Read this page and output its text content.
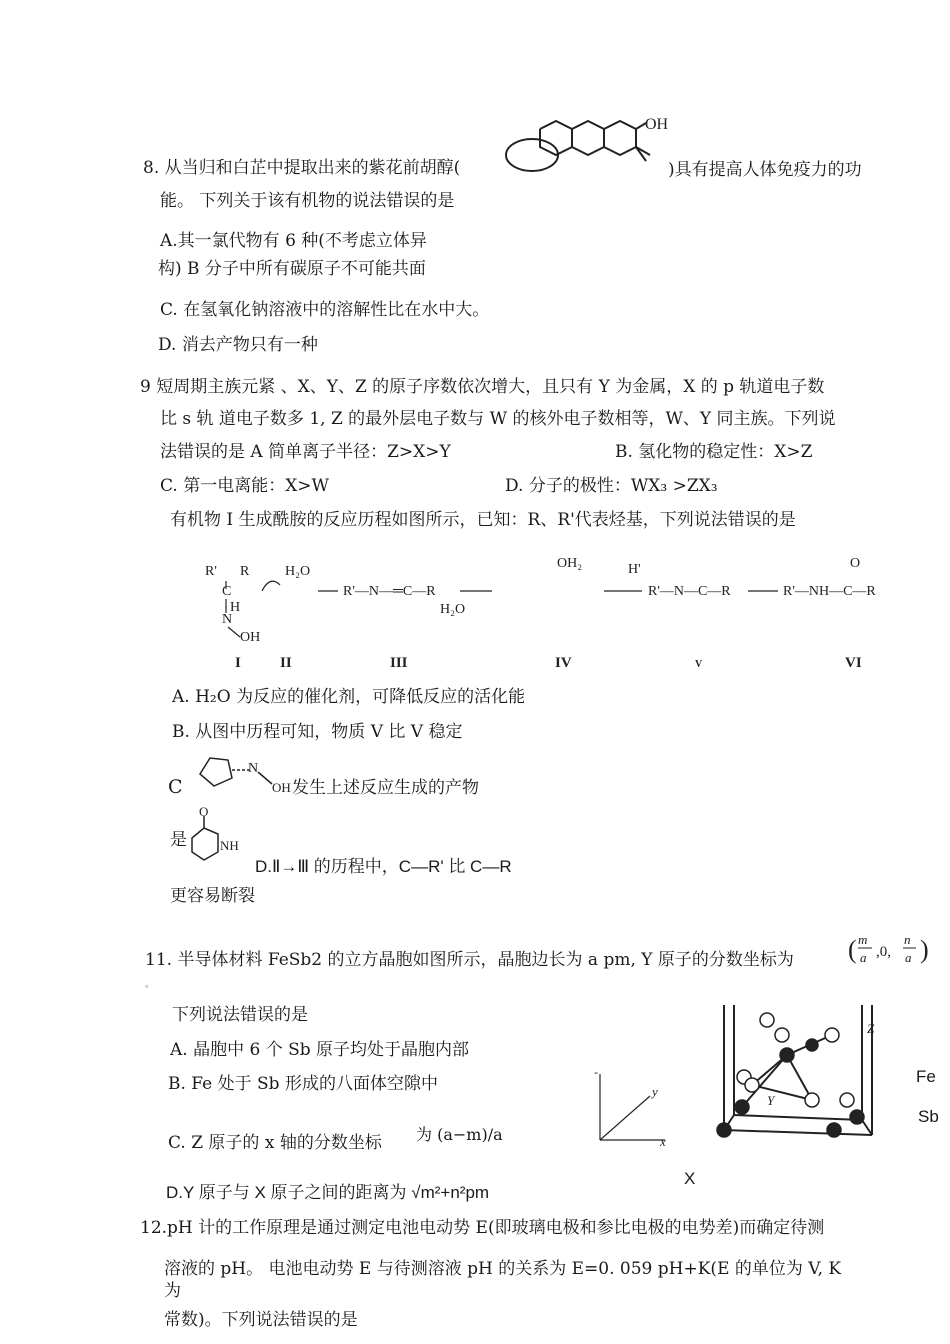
8. 从当归和白芷中提取出来的紫花前胡醇(
OH
)具有提高人体免疫力的功
能。 下列关于该有机物的说法错误的是
A.其一氯代物有 6 种(不考虑立体异
构) B 分子中所有碳原子不可能共面
C. 在氢氧化钠溶液中的溶解性比在水中大。
D. 消去产物只有一种
9 短周期主族元紧 、X、Y、Z 的原子序数依次增大，且只有 Y 为金属，X 的 p 轨道电子数
比 s 轨 道电子数多 1, Z 的最外层电子数与 W 的核外电子数相等，W、Y 同主族。下列说
法错误的是 A 简单离子半径：Z>X>Y	B. 氢化物的稳定性：X>Z
C. 第一电离能：X>W	D. 分子的极性：WX₃ >ZX₃
有机物 I 生成酰胺的反应历程如图所示，已知：R、R'代表烃基，下列说法错误的是
R' R
C
H
N
OH
H₂O
R'—N—═C—R
H₂O
OH₂	H'
R'—N—C—R	R'—NH—C—R
O
I	II	III	IV	V	VI
A. H₂O 为反应的催化剂，可降低反应的活化能
B. 从图中历程可知，物质 V 比 V 稳定
C
N
OH 发生上述反应生成的产物
是
O
NH
D.Ⅱ→Ⅲ 的历程中，C—R' 比 C—R
更容易断裂
11. 半导体材料 FeSb2 的立方晶胞如图所示，晶胞边长为 a pm, Y 原子的分数坐标为 ( m
a ,0,
n
a )
。
下列说法错误的是
A. 晶胞中 6 个 Sb 原子均处于晶胞内部
B. Fe 处于 Sb 形成的八面体空隙中
C. Z 原子的 x 轴的分数坐标 为 (a−m)/a
D.Y 原子与 X 原子之间的距离为 √m²+n²pm
-
y
x
Z
Y
Fe
Sb
X
12.pH 计的工作原理是通过测定电池电动势 E(即玻璃电极和参比电极的电势差)而确定待测
溶液的 pH。 电池电动势 E 与待测溶液 pH 的关系为 E=0. 059 pH+K(E 的单位为 V, K
为
常数)。下列说法错误的是
